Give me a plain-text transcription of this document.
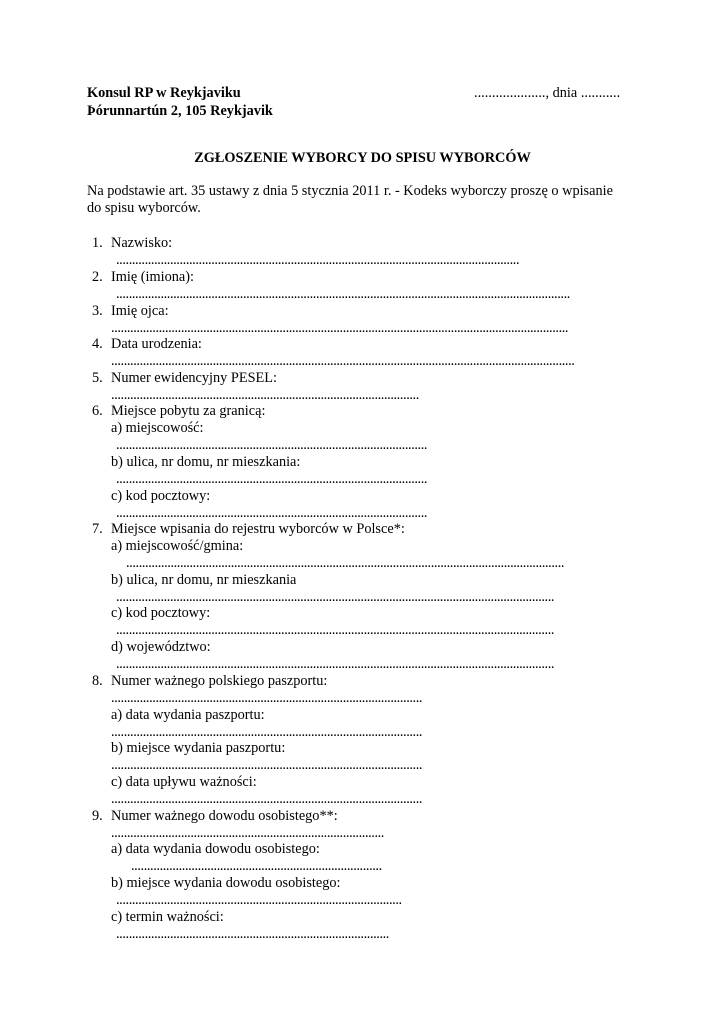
Konsul RP w Reykjaviku
Þórunnartún 2, 105 Reykjavik
...................., dnia ...........
ZGŁOSZENIE WYBORCY DO SPISU WYBORCÓW
Na podstawie art. 35 ustawy z dnia 5 stycznia 2011 r. - Kodeks wyborczy proszę o wpisanie
do spisu wyborców.
1. Nazwisko:
...............................................................................................................................
2. Imię (imiona):
...............................................................................................................................................
3. Imię ojca:
................................................................................................................................................
4. Data urodzenia:
..................................................................................................................................................
5. Numer ewidencyjny PESEL:
.................................................................................................
6. Miejsce pobytu za granicą:
a) miejscowość:
..................................................................................................
b) ulica, nr domu, nr mieszkania:
..................................................................................................
c) kod pocztowy:
..................................................................................................
7. Miejsce wpisania do rejestru wyborców w Polsce*:
a) miejscowość/gmina:
..........................................................................................................................................
b) ulica, nr domu, nr mieszkania
..........................................................................................................................................
c) kod pocztowy:
..........................................................................................................................................
d) województwo:
..........................................................................................................................................
8. Numer ważnego polskiego paszportu:
..................................................................................................
a) data wydania paszportu:
..................................................................................................
b) miejsce wydania paszportu:
..................................................................................................
c) data upływu ważności:
..................................................................................................
9. Numer ważnego dowodu osobistego**:
......................................................................................
a) data wydania dowodu osobistego:
...............................................................................
b) miejsce wydania dowodu osobistego:
..........................................................................................
c) termin ważności:
......................................................................................
